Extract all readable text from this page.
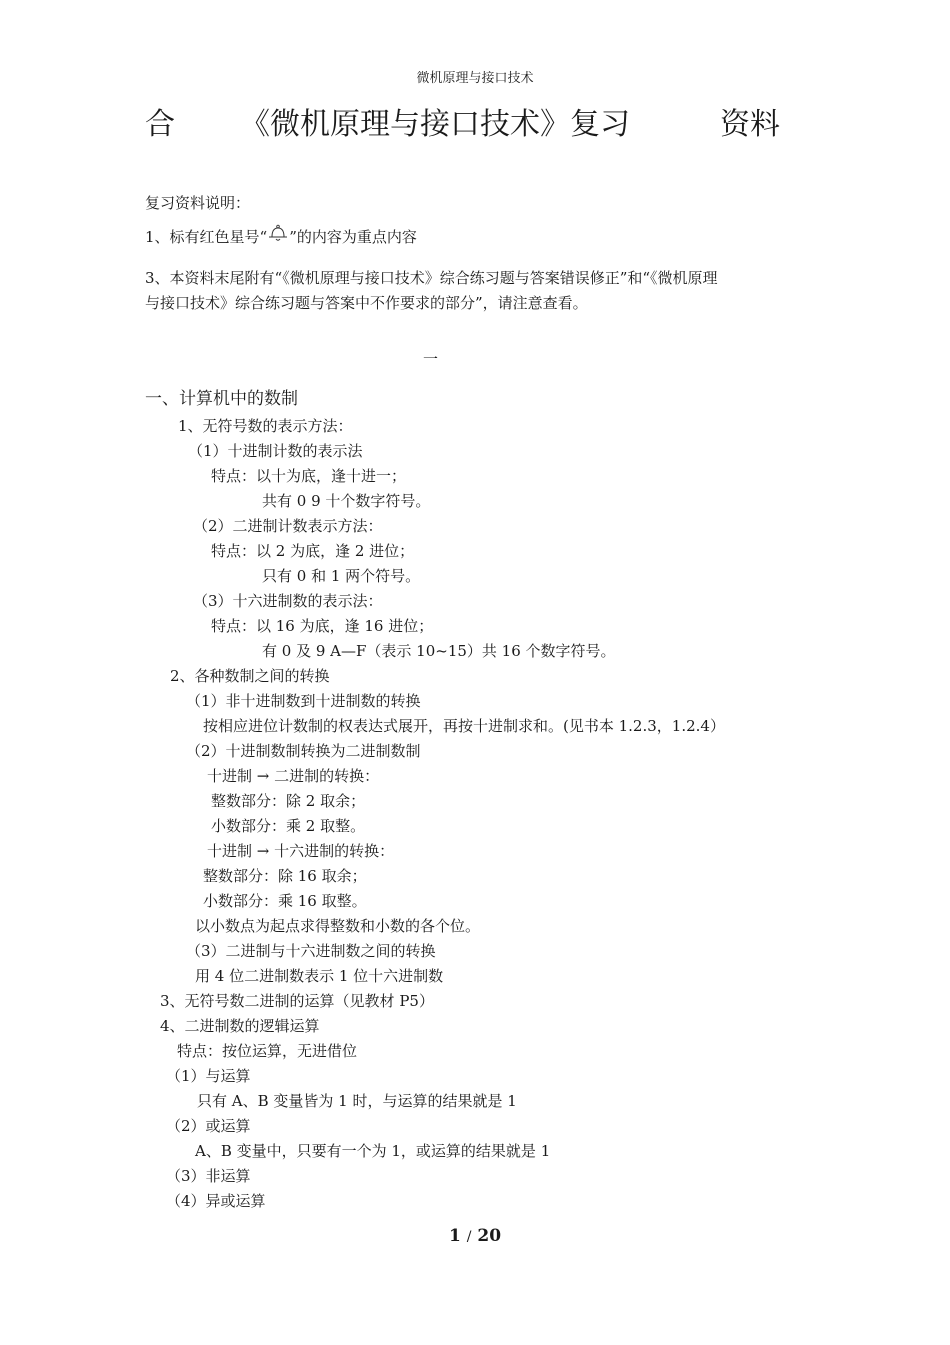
微机原理与接口技术
合 《微机原理与接口技术》复习	资料
复习资料说明：
1、标有红色星号“ ”的内容为重点内容
3、本资料末尾附有“《微机原理与接口技术》综合练习题与答案错误修正”和“《微机原理
与接口技术》综合练习题与答案中不作要求的部分”，请注意查看。
一
一、计算机中的数制
1、无符号数的表示方法：
（1）十进制计数的表示法
特点：以十为底，逢十进一；
共有 0 9 十个数字符号。
（2）二进制计数表示方法：
特点：以 2 为底，逢 2 进位；
只有 0 和 1 两个符号。
（3）十六进制数的表示法：
特点：以 16 为底，逢 16 进位；
有 0 及 9 A—F（表示 10~15）共 16 个数字符号。
2、各种数制之间的转换
（1）非十进制数到十进制数的转换
按相应进位计数制的权表达式展开，再按十进制求和。(见书本 1.2.3，1.2.4）
（2）十进制数制转换为二进制数制
十进制 → 二进制的转换：
整数部分：除 2 取余；
小数部分：乘 2 取整。
十进制 → 十六进制的转换：
整数部分：除 16 取余；
小数部分：乘 16 取整。
以小数点为起点求得整数和小数的各个位。
（3）二进制与十六进制数之间的转换
用 4 位二进制数表示 1 位十六进制数
3、无符号数二进制的运算（见教材 P5）
4、二进制数的逻辑运算
特点：按位运算，无进借位
（1）与运算
只有 A、B 变量皆为 1 时，与运算的结果就是 1
（2）或运算
A、B 变量中，只要有一个为 1，或运算的结果就是 1
（3）非运算
（4）异或运算
1 / 20
